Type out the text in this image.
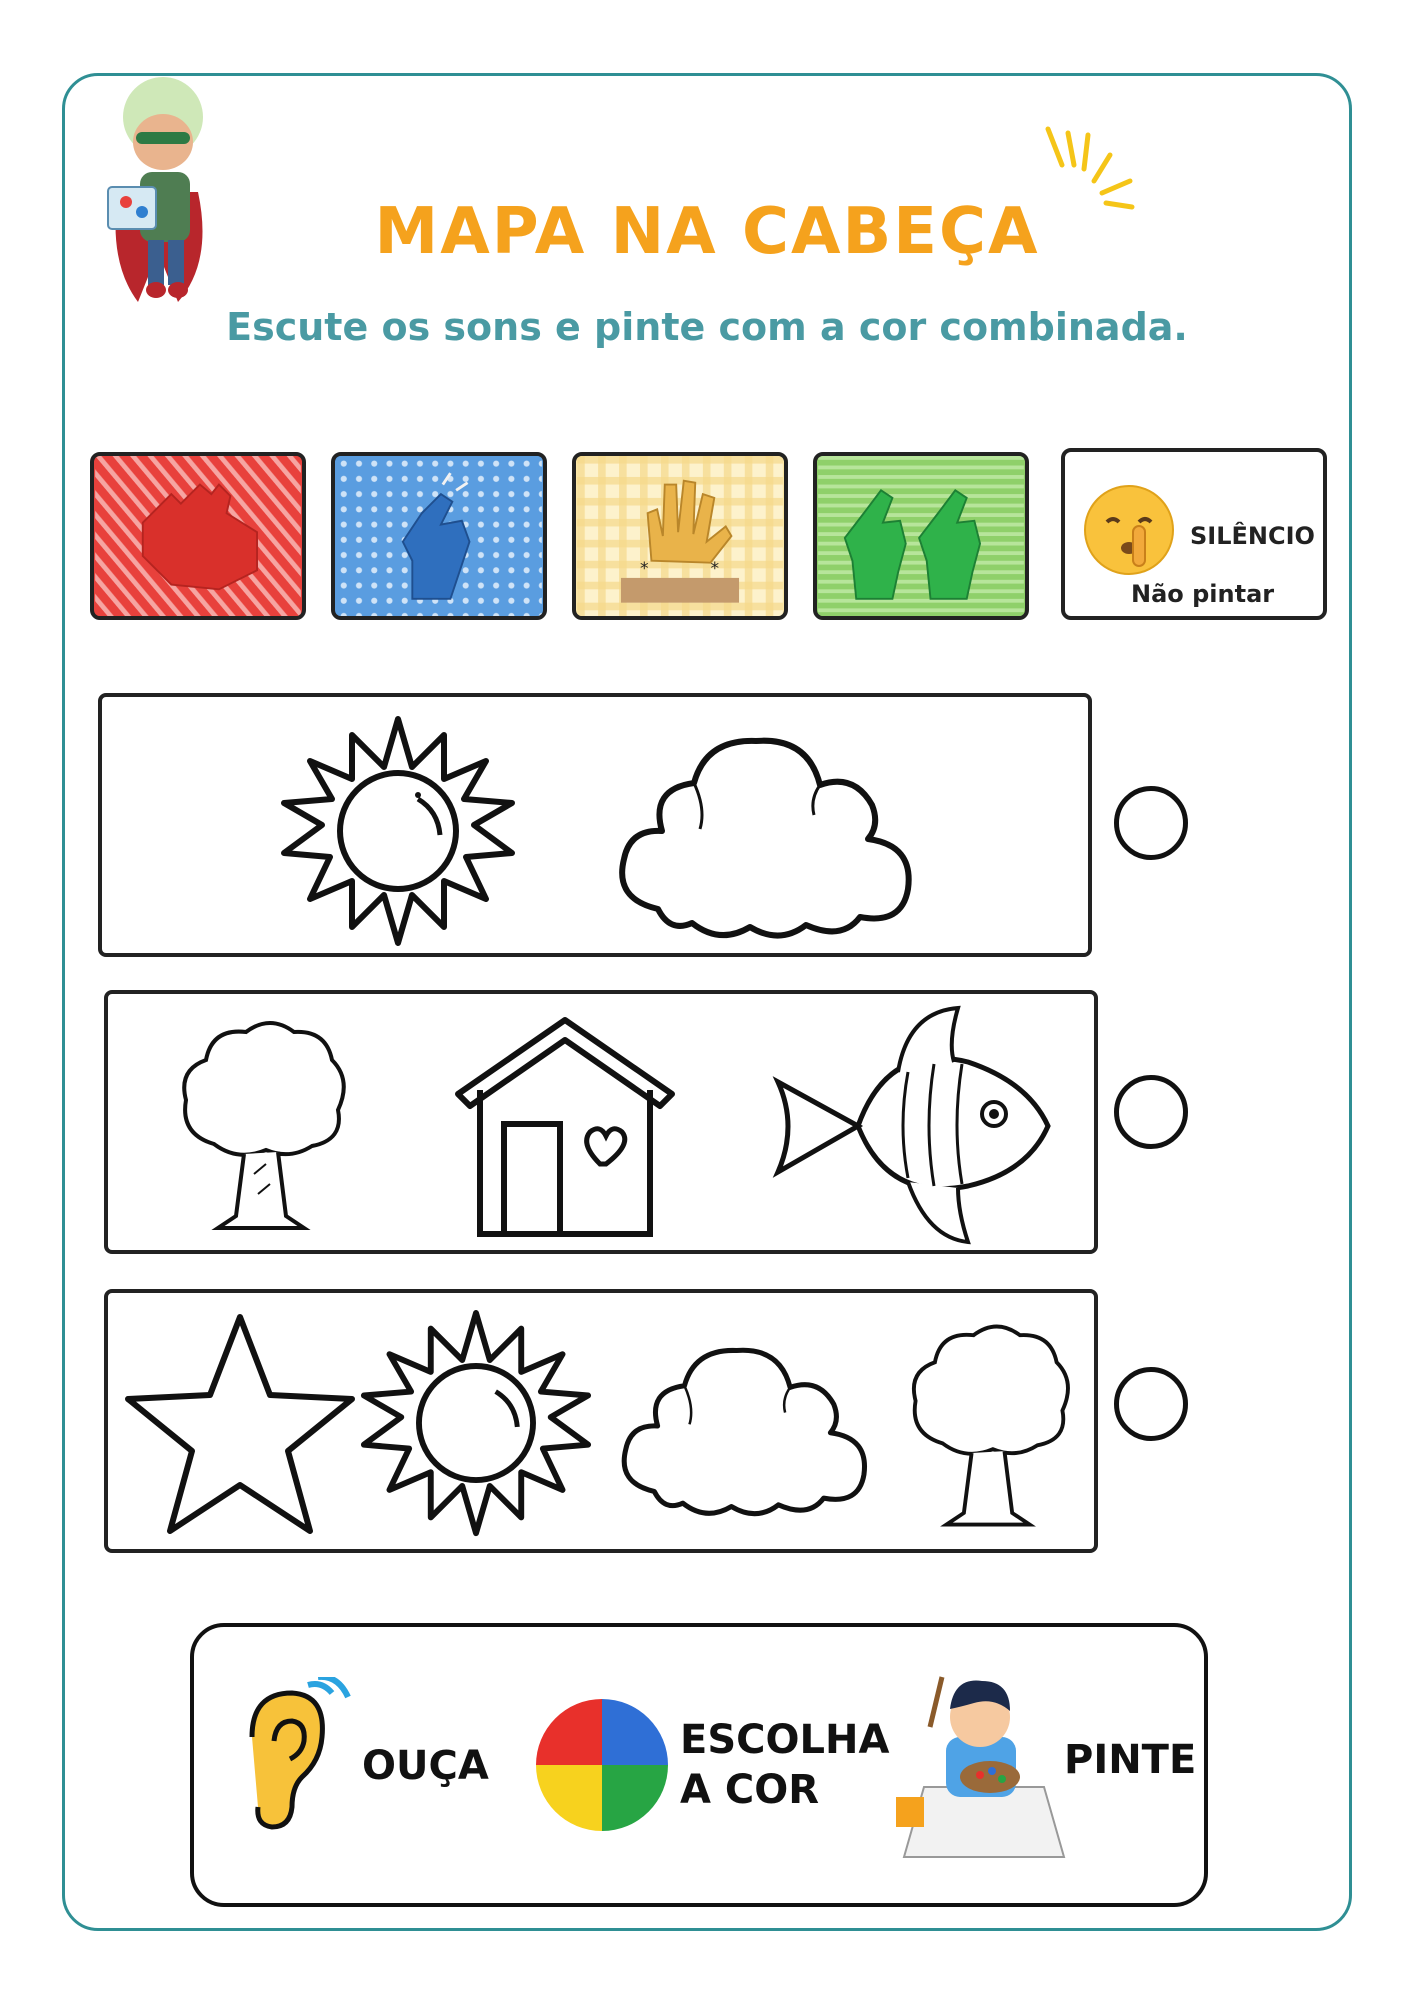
MAPA NA CABEÇA
Escute os sons e pinte com a cor combinada.
*	*
SILÊNCIO
Não pintar
OUÇA
ESCOLHA
A COR
PINTE
